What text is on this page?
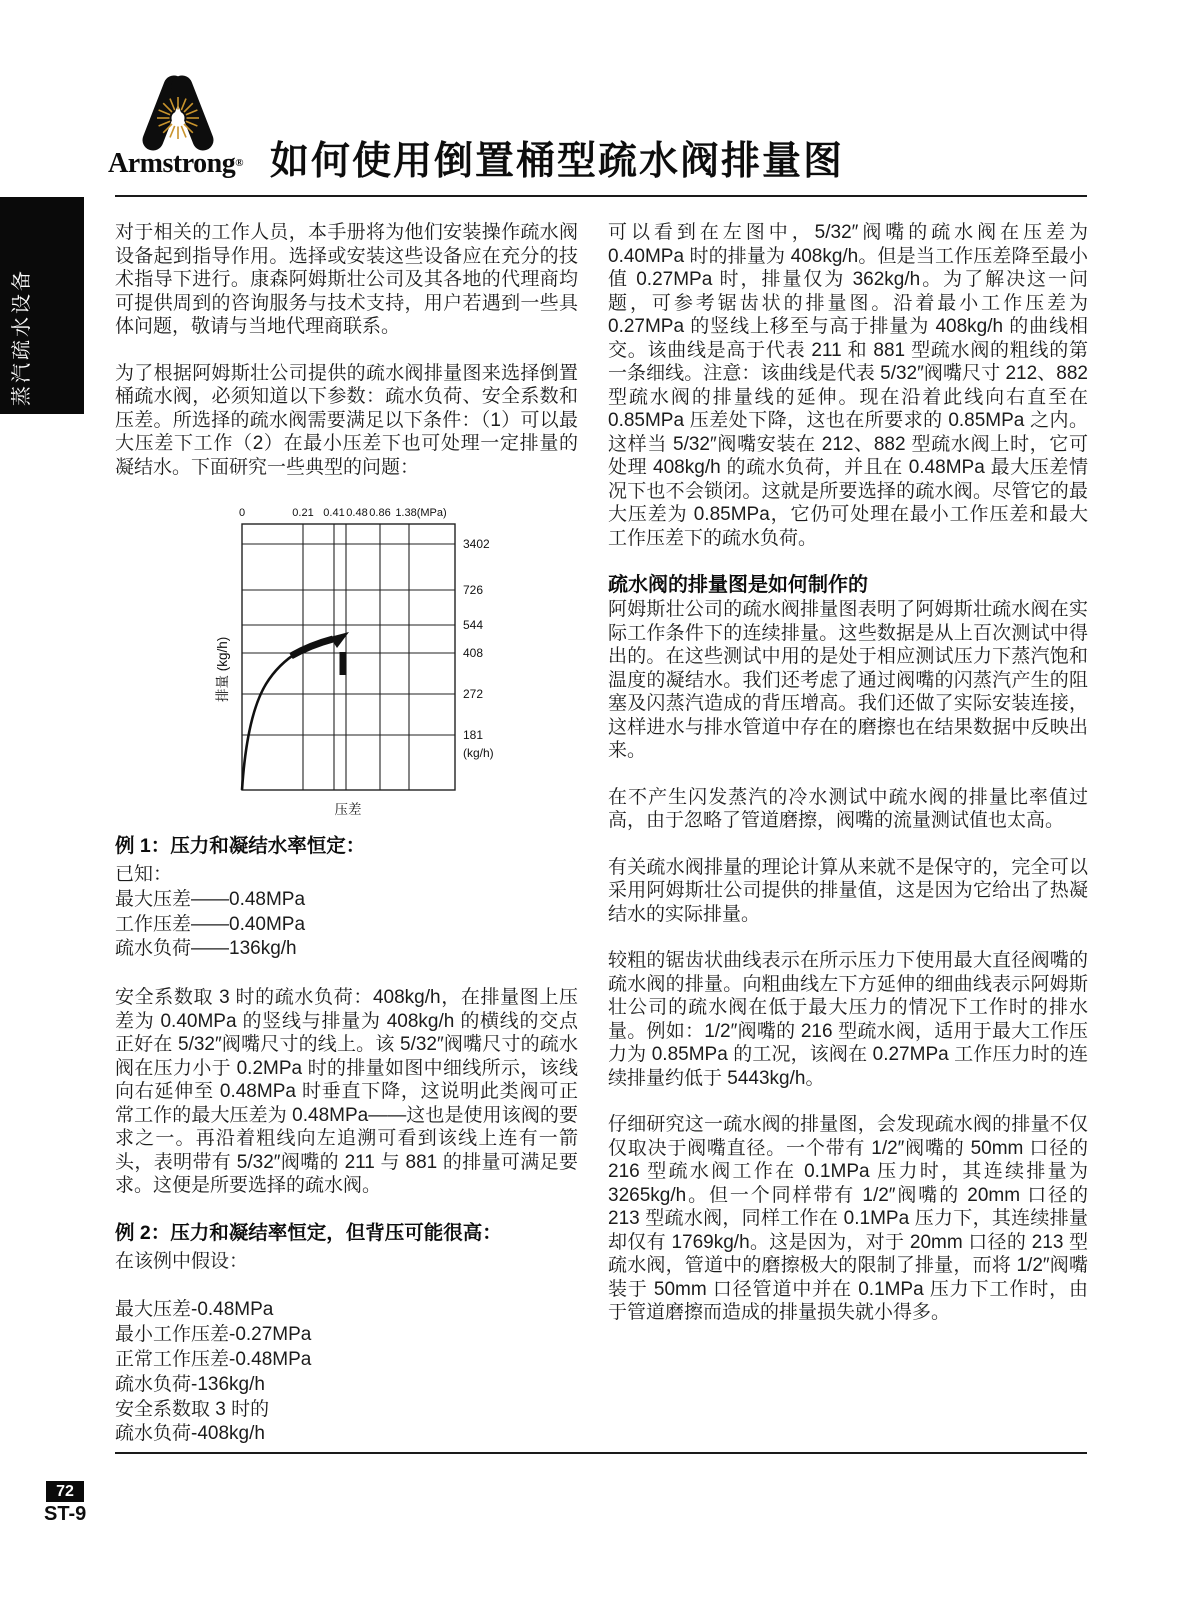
Armstrong® 如何使用倒置桶型疏水阀排量图
蒸汽疏水设备

对于相关的工作人员，本手册将为他们安装操作疏水阀设备起到指导作用。选择或安装这些设备应在充分的技术指导下进行。康森阿姆斯壮公司及其各地的代理商均可提供周到的咨询服务与技术支持，用户若遇到一些具体问题，敬请与当地代理商联系。

为了根据阿姆斯壮公司提供的疏水阀排量图来选择倒置桶疏水阀，必须知道以下参数：疏水负荷、安全系数和压差。所选择的疏水阀需要满足以下条件：（1）可以最大压差下工作（2）在最小压差下也可处理一定排量的凝结水。下面研究一些典型的问题：

0	0.21 0.41 0.48 0.86 1.38(MPa)
3402
726
544
408
272
181
(kg/h)
排量 (kg/h)
压差
例 1：压力和凝结水率恒定：

已知：

最大压差——0.48MPa

工作压差——0.40MPa

疏水负荷——136kg/h

安全系数取 3 时的疏水负荷：408kg/h，在排量图上压差为 0.40MPa 的竖线与排量为 408kg/h 的横线的交点正好在 5/32″阀嘴尺寸的线上。该 5/32″阀嘴尺寸的疏水阀在压力小于 0.2MPa 时的排量如图中细线所示，该线向右延伸至 0.48MPa 时垂直下降，这说明此类阀可正常工作的最大压差为 0.48MPa——这也是使用该阀的要求之一。再沿着粗线向左追溯可看到该线上连有一箭头，表明带有 5/32″阀嘴的 211 与 881 的排量可满足要求。这便是所要选择的疏水阀。

例 2：压力和凝结率恒定，但背压可能很高：

在该例中假设：

最大压差-0.48MPa

最小工作压差-0.27MPa

正常工作压差-0.48MPa

疏水负荷-136kg/h

安全系数取 3 时的

疏水负荷-408kg/h

可以看到在左图中，5/32″阀嘴的疏水阀在压差为 0.40MPa 时的排量为 408kg/h。但是当工作压差降至最小值 0.27MPa 时，排量仅为 362kg/h。为了解决这一问题，可参考锯齿状的排量图。沿着最小工作压差为 0.27MPa 的竖线上移至与高于排量为 408kg/h 的曲线相交。该曲线是高于代表 211 和 881 型疏水阀的粗线的第一条细线。注意：该曲线是代表 5/32″阀嘴尺寸 212、882 型疏水阀的排量线的延伸。现在沿着此线向右直至在 0.85MPa 压差处下降，这也在所要求的 0.85MPa 之内。这样当 5/32″阀嘴安装在 212、882 型疏水阀上时，它可处理 408kg/h 的疏水负荷，并且在 0.48MPa 最大压差情况下也不会锁闭。这就是所要选择的疏水阀。尽管它的最大压差为 0.85MPa，它仍可处理在最小工作压差和最大工作压差下的疏水负荷。

疏水阀的排量图是如何制作的

阿姆斯壮公司的疏水阀排量图表明了阿姆斯壮疏水阀在实际工作条件下的连续排量。这些数据是从上百次测试中得出的。在这些测试中用的是处于相应测试压力下蒸汽饱和温度的凝结水。我们还考虑了通过阀嘴的闪蒸汽产生的阻塞及闪蒸汽造成的背压增高。我们还做了实际安装连接，这样进水与排水管道中存在的磨擦也在结果数据中反映出来。

在不产生闪发蒸汽的冷水测试中疏水阀的排量比率值过高，由于忽略了管道磨擦，阀嘴的流量测试值也太高。

有关疏水阀排量的理论计算从来就不是保守的，完全可以采用阿姆斯壮公司提供的排量值，这是因为它给出了热凝结水的实际排量。

较粗的锯齿状曲线表示在所示压力下使用最大直径阀嘴的疏水阀的排量。向粗曲线左下方延伸的细曲线表示阿姆斯壮公司的疏水阀在低于最大压力的情况下工作时的排水量。例如：1/2″阀嘴的 216 型疏水阀，适用于最大工作压力为 0.85MPa 的工况，该阀在 0.27MPa 工作压力时的连续排量约低于 5443kg/h。

仔细研究这一疏水阀的排量图，会发现疏水阀的排量不仅仅取决于阀嘴直径。一个带有 1/2″阀嘴的 50mm 口径的 216 型疏水阀工作在 0.1MPa 压力时，其连续排量为 3265kg/h。但一个同样带有 1/2″阀嘴的 20mm 口径的 213 型疏水阀，同样工作在 0.1MPa 压力下，其连续排量却仅有 1769kg/h。这是因为，对于 20mm 口径的 213 型疏水阀，管道中的磨擦极大的限制了排量，而将 1/2″阀嘴装于 50mm 口径管道中并在 0.1MPa 压力下工作时，由于管道磨擦而造成的排量损失就小得多。

72
ST-9
